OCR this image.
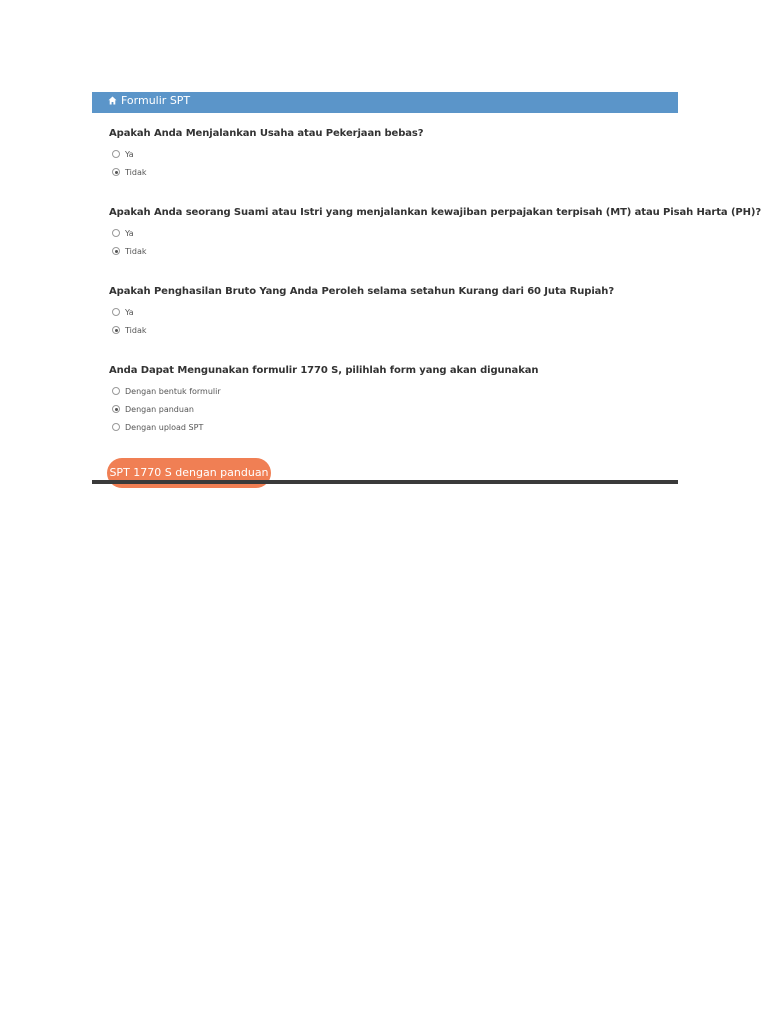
Formulir SPT
Apakah Anda Menjalankan Usaha atau Pekerjaan bebas?
Ya
Tidak
Apakah Anda seorang Suami atau Istri yang menjalankan kewajiban perpajakan terpisah (MT) atau Pisah Harta (PH)?
Ya
Tidak
Apakah Penghasilan Bruto Yang Anda Peroleh selama setahun Kurang dari 60 Juta Rupiah?
Ya
Tidak
Anda Dapat Mengunakan formulir 1770 S, pilihlah form yang akan digunakan
Dengan bentuk formulir
Dengan panduan
Dengan upload SPT
SPT 1770 S dengan panduan
